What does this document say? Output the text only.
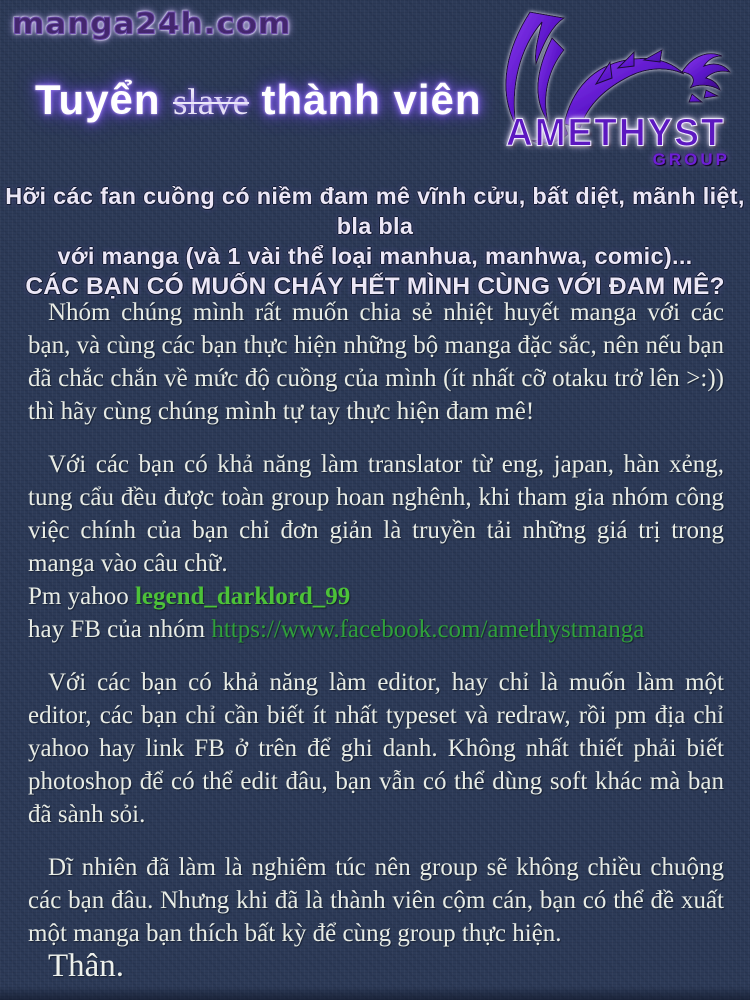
manga24h.com
Tuyển slave thành viên
AMETHYST
GROUP
Hỡi các fan cuồng có niềm đam mê vĩnh cửu, bất diệt, mãnh liệt, bla bla
với manga (và 1 vài thể loại manhua, manhwa, comic)...
CÁC BẠN CÓ MUỐN CHÁY HẾT MÌNH CÙNG VỚI ĐAM MÊ?

Nhóm chúng mình rất muốn chia sẻ nhiệt huyết manga với các bạn, và cùng các bạn thực hiện những bộ manga đặc sắc, nên nếu bạn đã chắc chắn về mức độ cuồng của mình (ít nhất cỡ otaku trở lên >:)) thì hãy cùng chúng mình tự tay thực hiện đam mê!

Với các bạn có khả năng làm translator từ eng, japan, hàn xẻng, tung cẩu đều được toàn group hoan nghênh, khi tham gia nhóm công việc chính của bạn chỉ đơn giản là truyền tải những giá trị trong manga vào câu chữ.

Pm yahoo legend_darklord_99
hay FB của nhóm https://www.facebook.com/amethystmanga

Với các bạn có khả năng làm editor, hay chỉ là muốn làm một editor, các bạn chỉ cần biết ít nhất typeset và redraw, rồi pm địa chỉ yahoo hay link FB ở trên để ghi danh. Không nhất thiết phải biết photoshop để có thể edit đâu, bạn vẫn có thể dùng soft khác mà bạn đã sành sỏi.

Dĩ nhiên đã làm là nghiêm túc nên group sẽ không chiều chuộng các bạn đâu. Nhưng khi đã là thành viên cộm cán, bạn có thể đề xuất một manga bạn thích bất kỳ để cùng group thực hiện.

Thân.
